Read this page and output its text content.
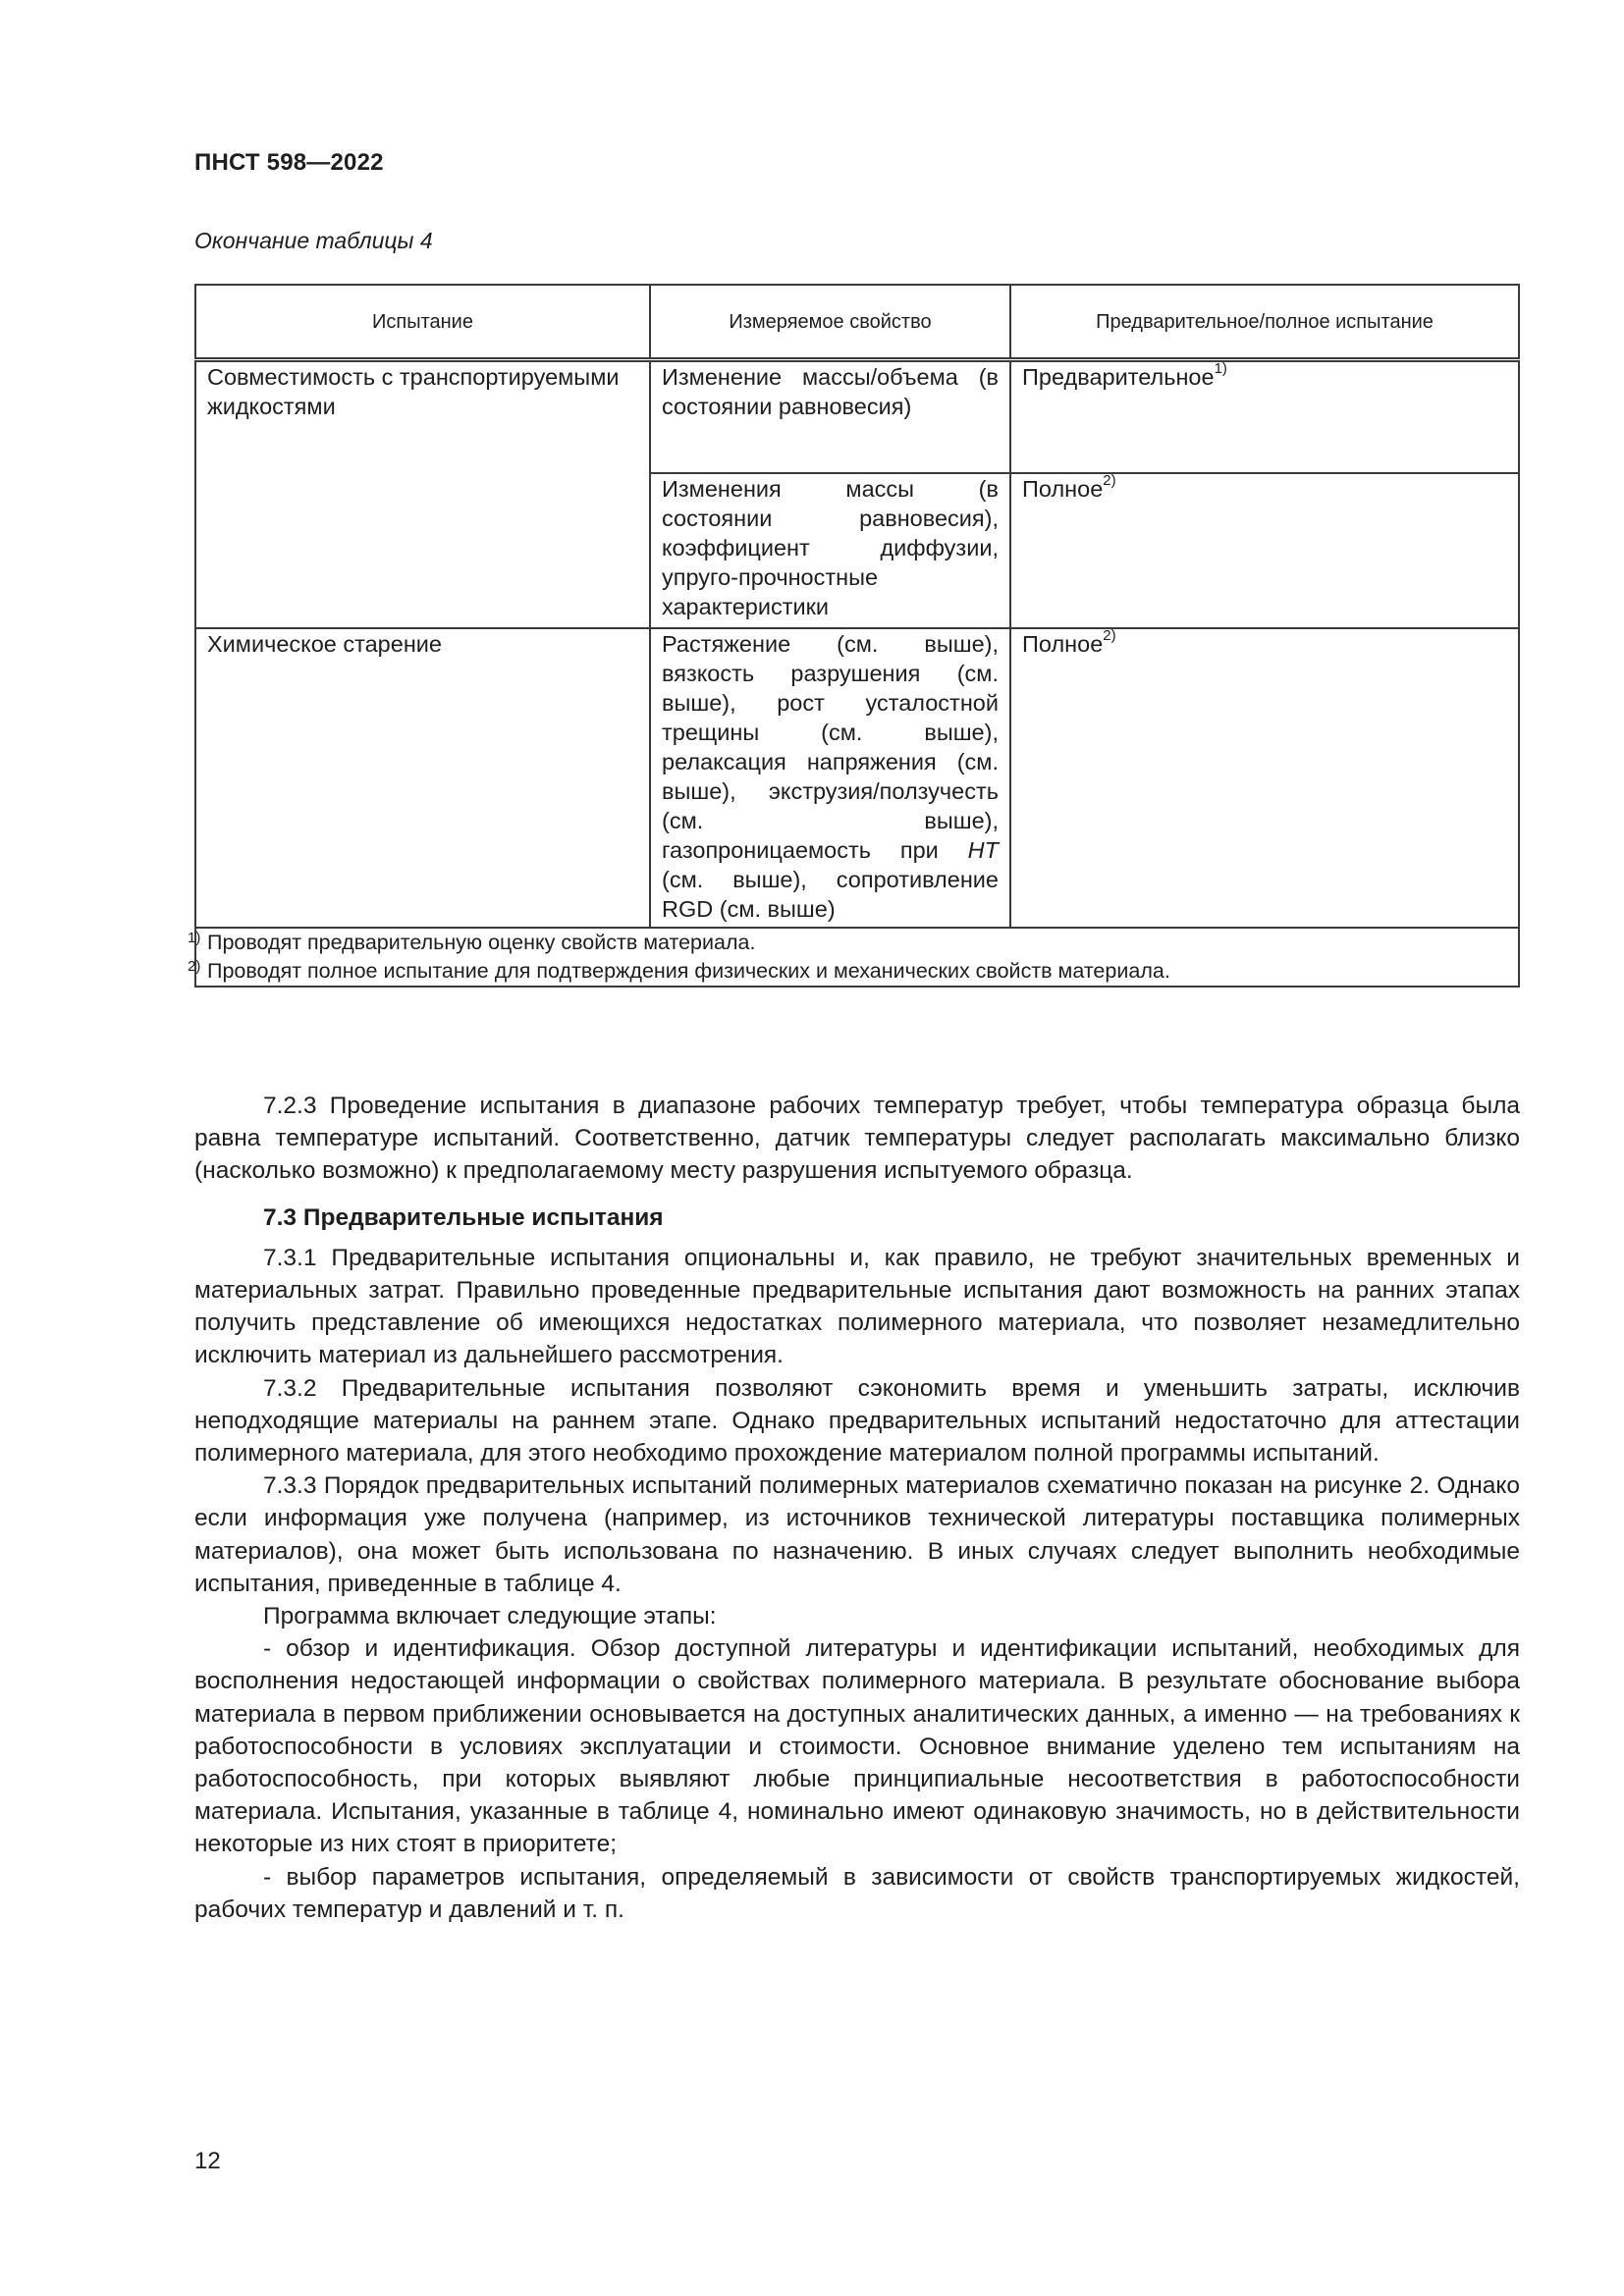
ПНСТ 598—2022
Окончание таблицы 4
Испытание	Измеряемое свойство	Предварительное/полное испытание
Совместимость с транспортируемыми жидкостями	Изменение массы/объема (в состоянии равновесия)	Предварительное$^{1)}$
	Изменения массы (в состоянии равновесия), коэффициент диффузии, упруго-прочностные характеристики	Полное$^{2)}$
Химическое старение	Растяжение (см. выше), вязкость разрушения (см. выше), рост усталостной трещины (см. выше), релаксация напряжения (см. выше), экструзия/ползучесть (см. выше), газопроницаемость при HT (см. выше), сопротивление RGD (см. выше)	Полное$^{2)}$

1) Проводят предварительную оценку свойств материала.
2) Проводят полное испытание для подтверждения физических и механических свойств материала.		

7.2.3 Проведение испытания в диапазоне рабочих температур требует, чтобы температура образца была равна температуре испытаний. Соответственно, датчик температуры следует располагать максимально близко (насколько возможно) к предполагаемому месту разрушения испытуемого образца.

7.3 Предварительные испытания

7.3.1 Предварительные испытания опциональны и, как правило, не требуют значительных временных и материальных затрат. Правильно проведенные предварительные испытания дают возможность на ранних этапах получить представление об имеющихся недостатках полимерного материала, что позволяет незамедлительно исключить материал из дальнейшего рассмотрения.

7.3.2 Предварительные испытания позволяют сэкономить время и уменьшить затраты, исключив неподходящие материалы на раннем этапе. Однако предварительных испытаний недостаточно для аттестации полимерного материала, для этого необходимо прохождение материалом полной программы испытаний.

7.3.3 Порядок предварительных испытаний полимерных материалов схематично показан на рисунке 2. Однако если информация уже получена (например, из источников технической литературы поставщика полимерных материалов), она может быть использована по назначению. В иных случаях следует выполнить необходимые испытания, приведенные в таблице 4.

Программа включает следующие этапы:

- обзор и идентификация. Обзор доступной литературы и идентификации испытаний, необходимых для восполнения недостающей информации о свойствах полимерного материала. В результате обоснование выбора материала в первом приближении основывается на доступных аналитических данных, а именно — на требованиях к работоспособности в условиях эксплуатации и стоимости. Основное внимание уделено тем испытаниям на работоспособность, при которых выявляют любые принципиальные несоответствия в работоспособности материала. Испытания, указанные в таблице 4, номинально имеют одинаковую значимость, но в действительности некоторые из них стоят в приоритете;

- выбор параметров испытания, определяемый в зависимости от свойств транспортируемых жидкостей, рабочих температур и давлений и т. п.

12
